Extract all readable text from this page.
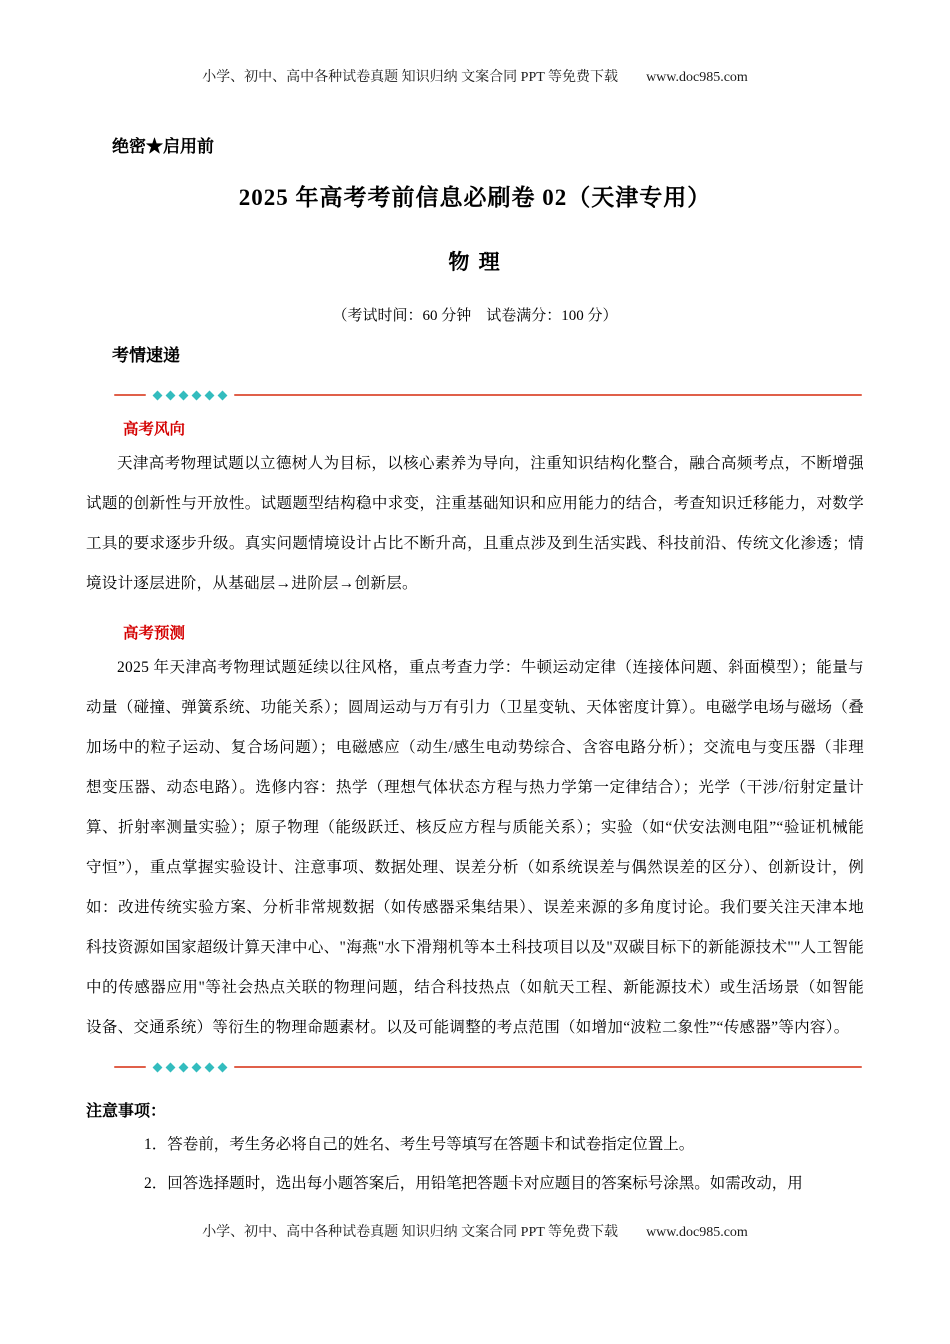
小学、初中、高中各种试卷真题 知识归纳 文案合同 PPT 等免费下载 www.doc985.com
绝密★启用前
2025 年高考考前信息必刷卷 02（天津专用）
物 理
（考试时间：60 分钟　试卷满分：100 分）
考情速递
高考风向

天津高考物理试题以立德树人为目标，以核心素养为导向，注重知识结构化整合，融合高频考点，不断增强试题的创新性与开放性。试题题型结构稳中求变，注重基础知识和应用能力的结合，考查知识迁移能力，对数学工具的要求逐步升级。真实问题情境设计占比不断升高，且重点涉及到生活实践、科技前沿、传统文化渗透；情境设计逐层进阶，从基础层→进阶层→创新层。

高考预测

2025 年天津高考物理试题延续以往风格，重点考查力学：牛顿运动定律（连接体问题、斜面模型）；能量与动量（碰撞、弹簧系统、功能关系）；圆周运动与万有引力（卫星变轨、天体密度计算）。电磁学电场与磁场（叠加场中的粒子运动、复合场问题）；电磁感应（动生/感生电动势综合、含容电路分析）；交流电与变压器（非理想变压器、动态电路）。选修内容：热学（理想气体状态方程与热力学第一定律结合）；光学（干涉/衍射定量计算、折射率测量实验）；原子物理（能级跃迁、核反应方程与质能关系）；实验（如“伏安法测电阻”“验证机械能守恒”），重点掌握实验设计、注意事项、数据处理、误差分析（如系统误差与偶然误差的区分）、创新设计，例如：改进传统实验方案、分析非常规数据（如传感器采集结果）、误差来源的多角度讨论。我们要关注天津本地科技资源如国家超级计算天津中心、"海燕"水下滑翔机等本土科技项目以及"双碳目标下的新能源技术""人工智能中的传感器应用"等社会热点关联的物理问题，结合科技热点（如航天工程、新能源技术）或生活场景（如智能设备、交通系统）等衍生的物理命题素材。以及可能调整的考点范围（如增加“波粒二象性”“传感器”等内容）。

注意事项：
1．答卷前，考生务必将自己的姓名、考生号等填写在答题卡和试卷指定位置上。
2．回答选择题时，选出每小题答案后，用铅笔把答题卡对应题目的答案标号涂黑。如需改动，用
小学、初中、高中各种试卷真题 知识归纳 文案合同 PPT 等免费下载 www.doc985.com
